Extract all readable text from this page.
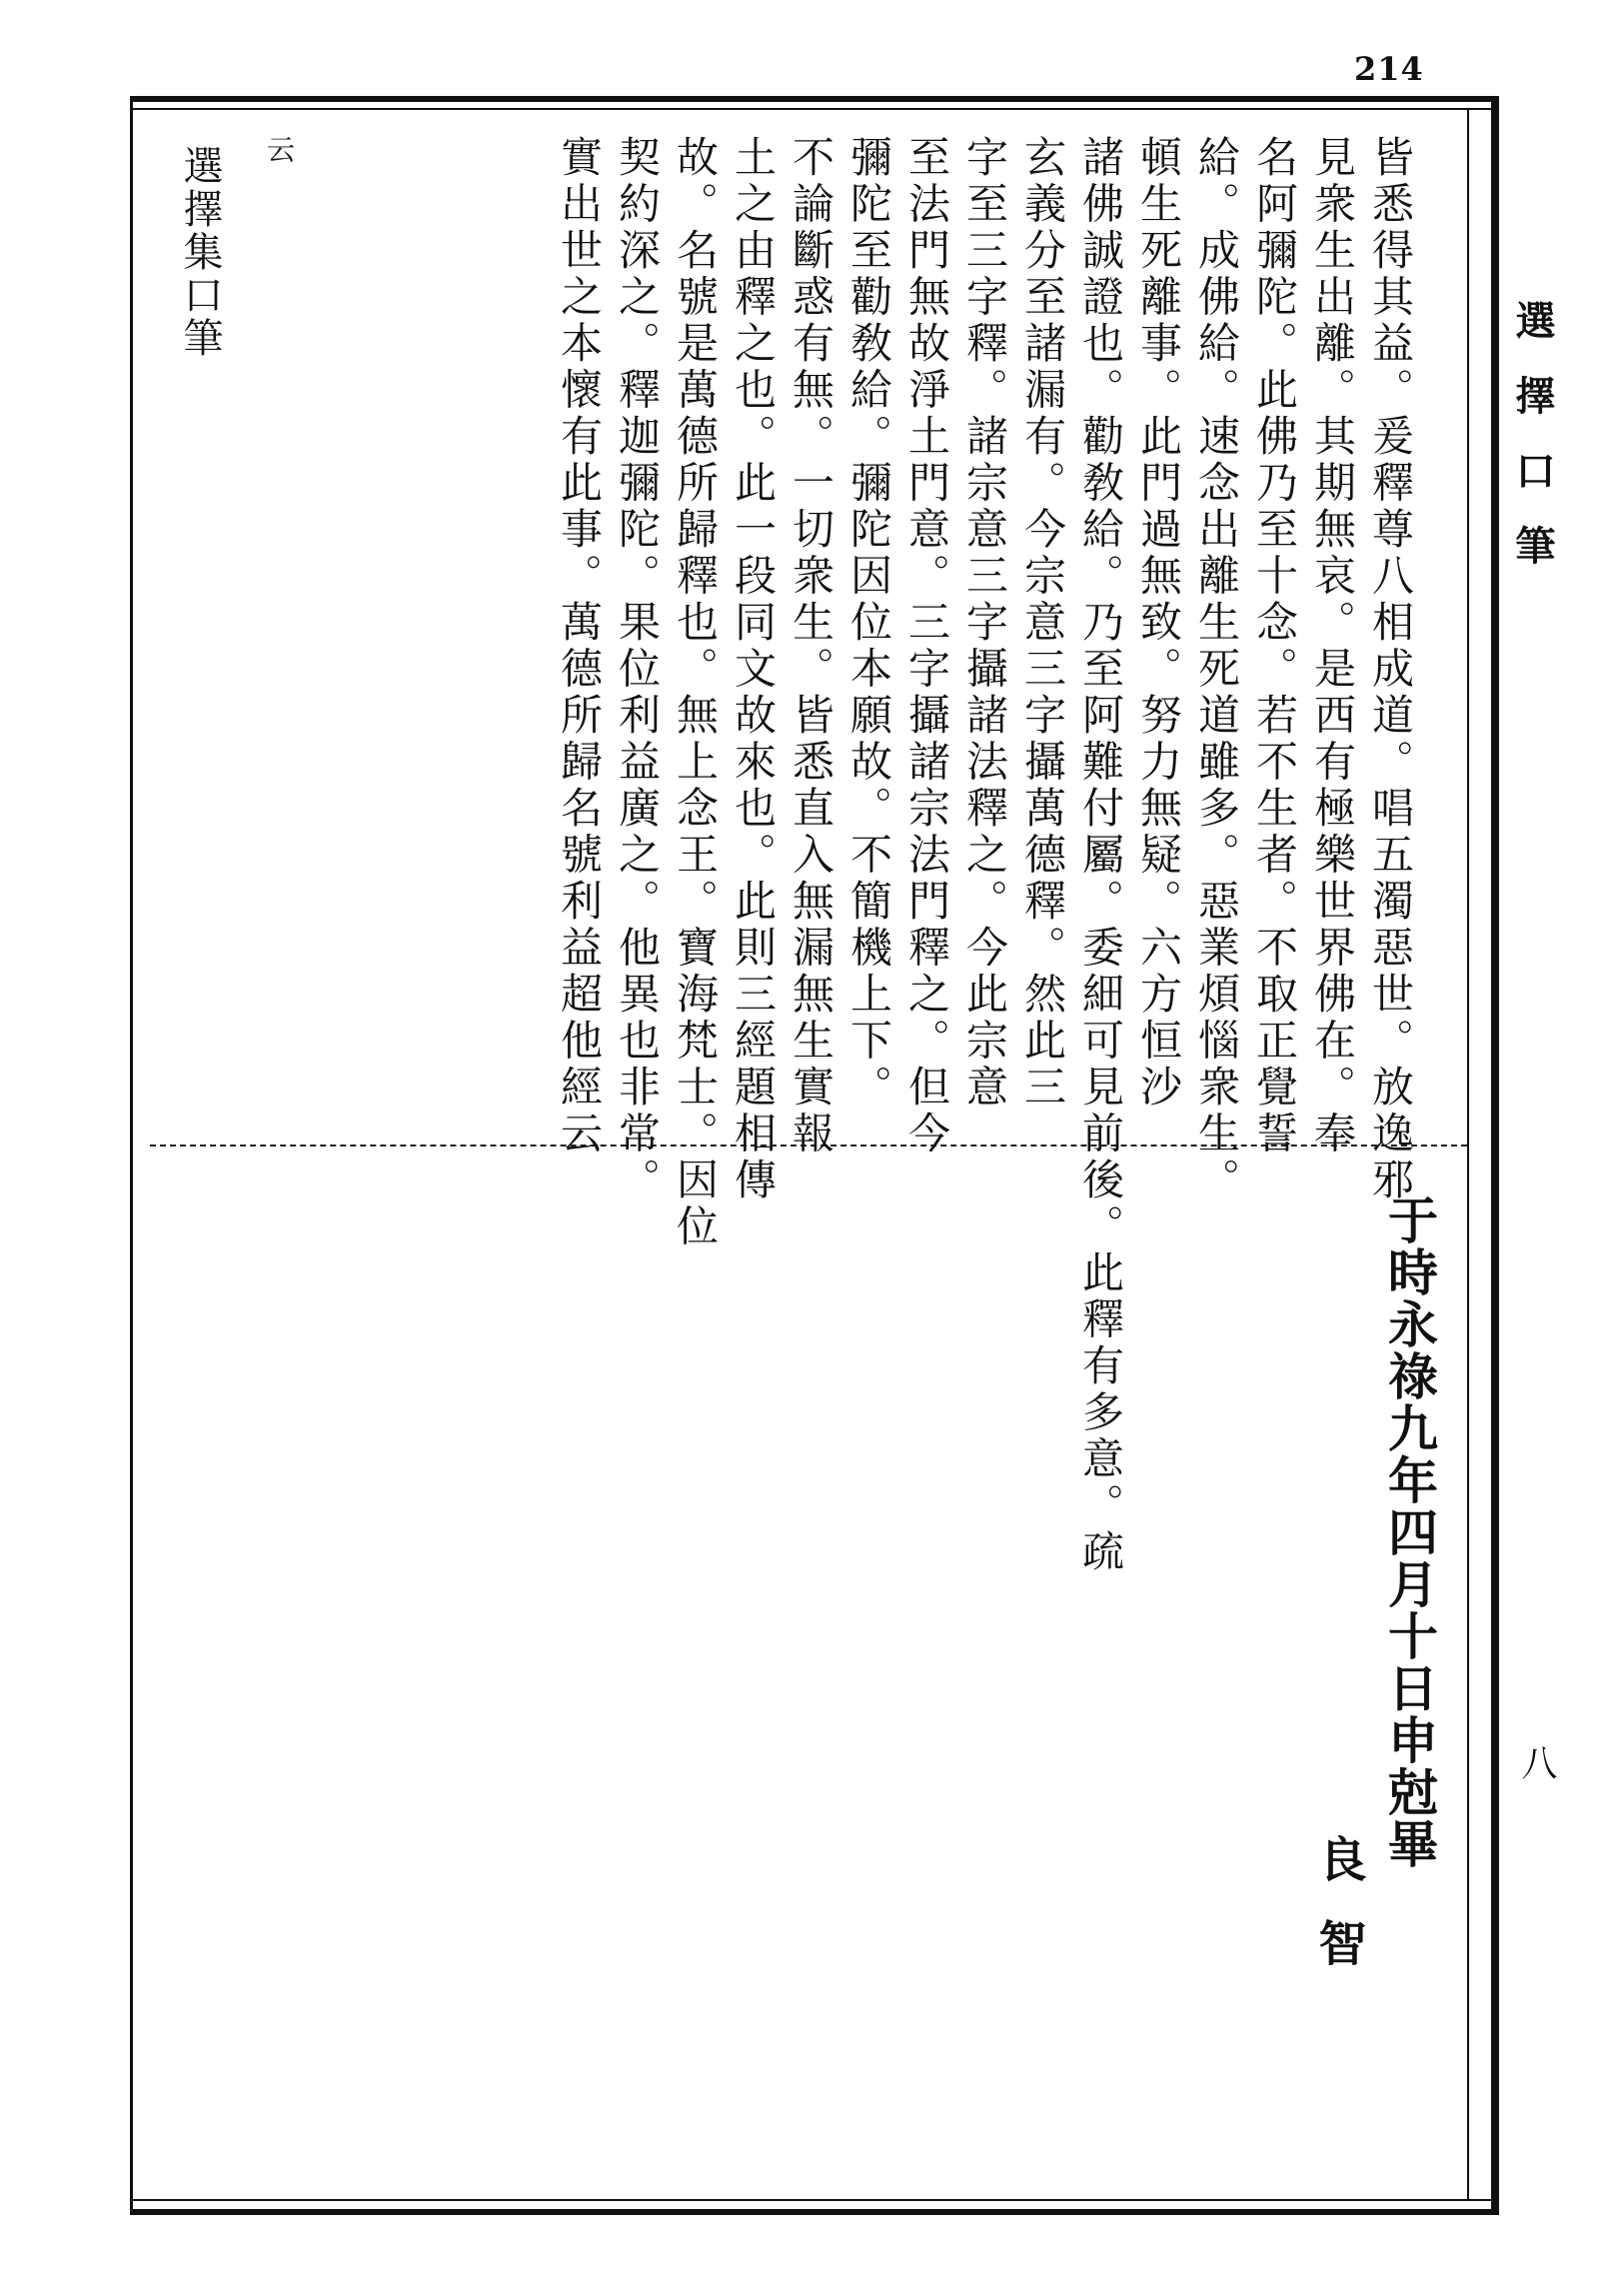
214
選擇口筆
八
皆悉得其益。爰釋尊八相成道。唱五濁惡世。放逸邪
見衆生出離。其期無哀。是西有極樂世界佛在。奉
名阿彌陀。此佛乃至十念。若不生者。不取正覺誓
給。成佛給。速念出離生死道雖多。惡業煩惱衆生。
頓生死離事。此門過無致。努力無疑。六方恒沙
諸佛誠證也。勸敎給。乃至阿難付屬。委細可見前後。此釋有多意。疏
玄義分至諸漏有。今宗意三字攝萬德釋。然此三
字至三字釋。諸宗意三字攝諸法釋之。今此宗意
至法門無故淨土門意。三字攝諸宗法門釋之。但今
彌陀至勸敎給。彌陀因位本願故。不簡機上下。
不論斷惑有無。一切衆生。皆悉直入無漏無生實報
土之由釋之也。此一段同文故來也。此則三經題相傳
故。名號是萬德所歸釋也。無上念王。寶海梵士。因位
契約深之。釋迦彌陀。果位利益廣之。他異也非常。
實出世之本懷有此事。萬德所歸名號利益超他經云
云
選擇集口筆
于時永祿九年四月十日申尅畢
良智
